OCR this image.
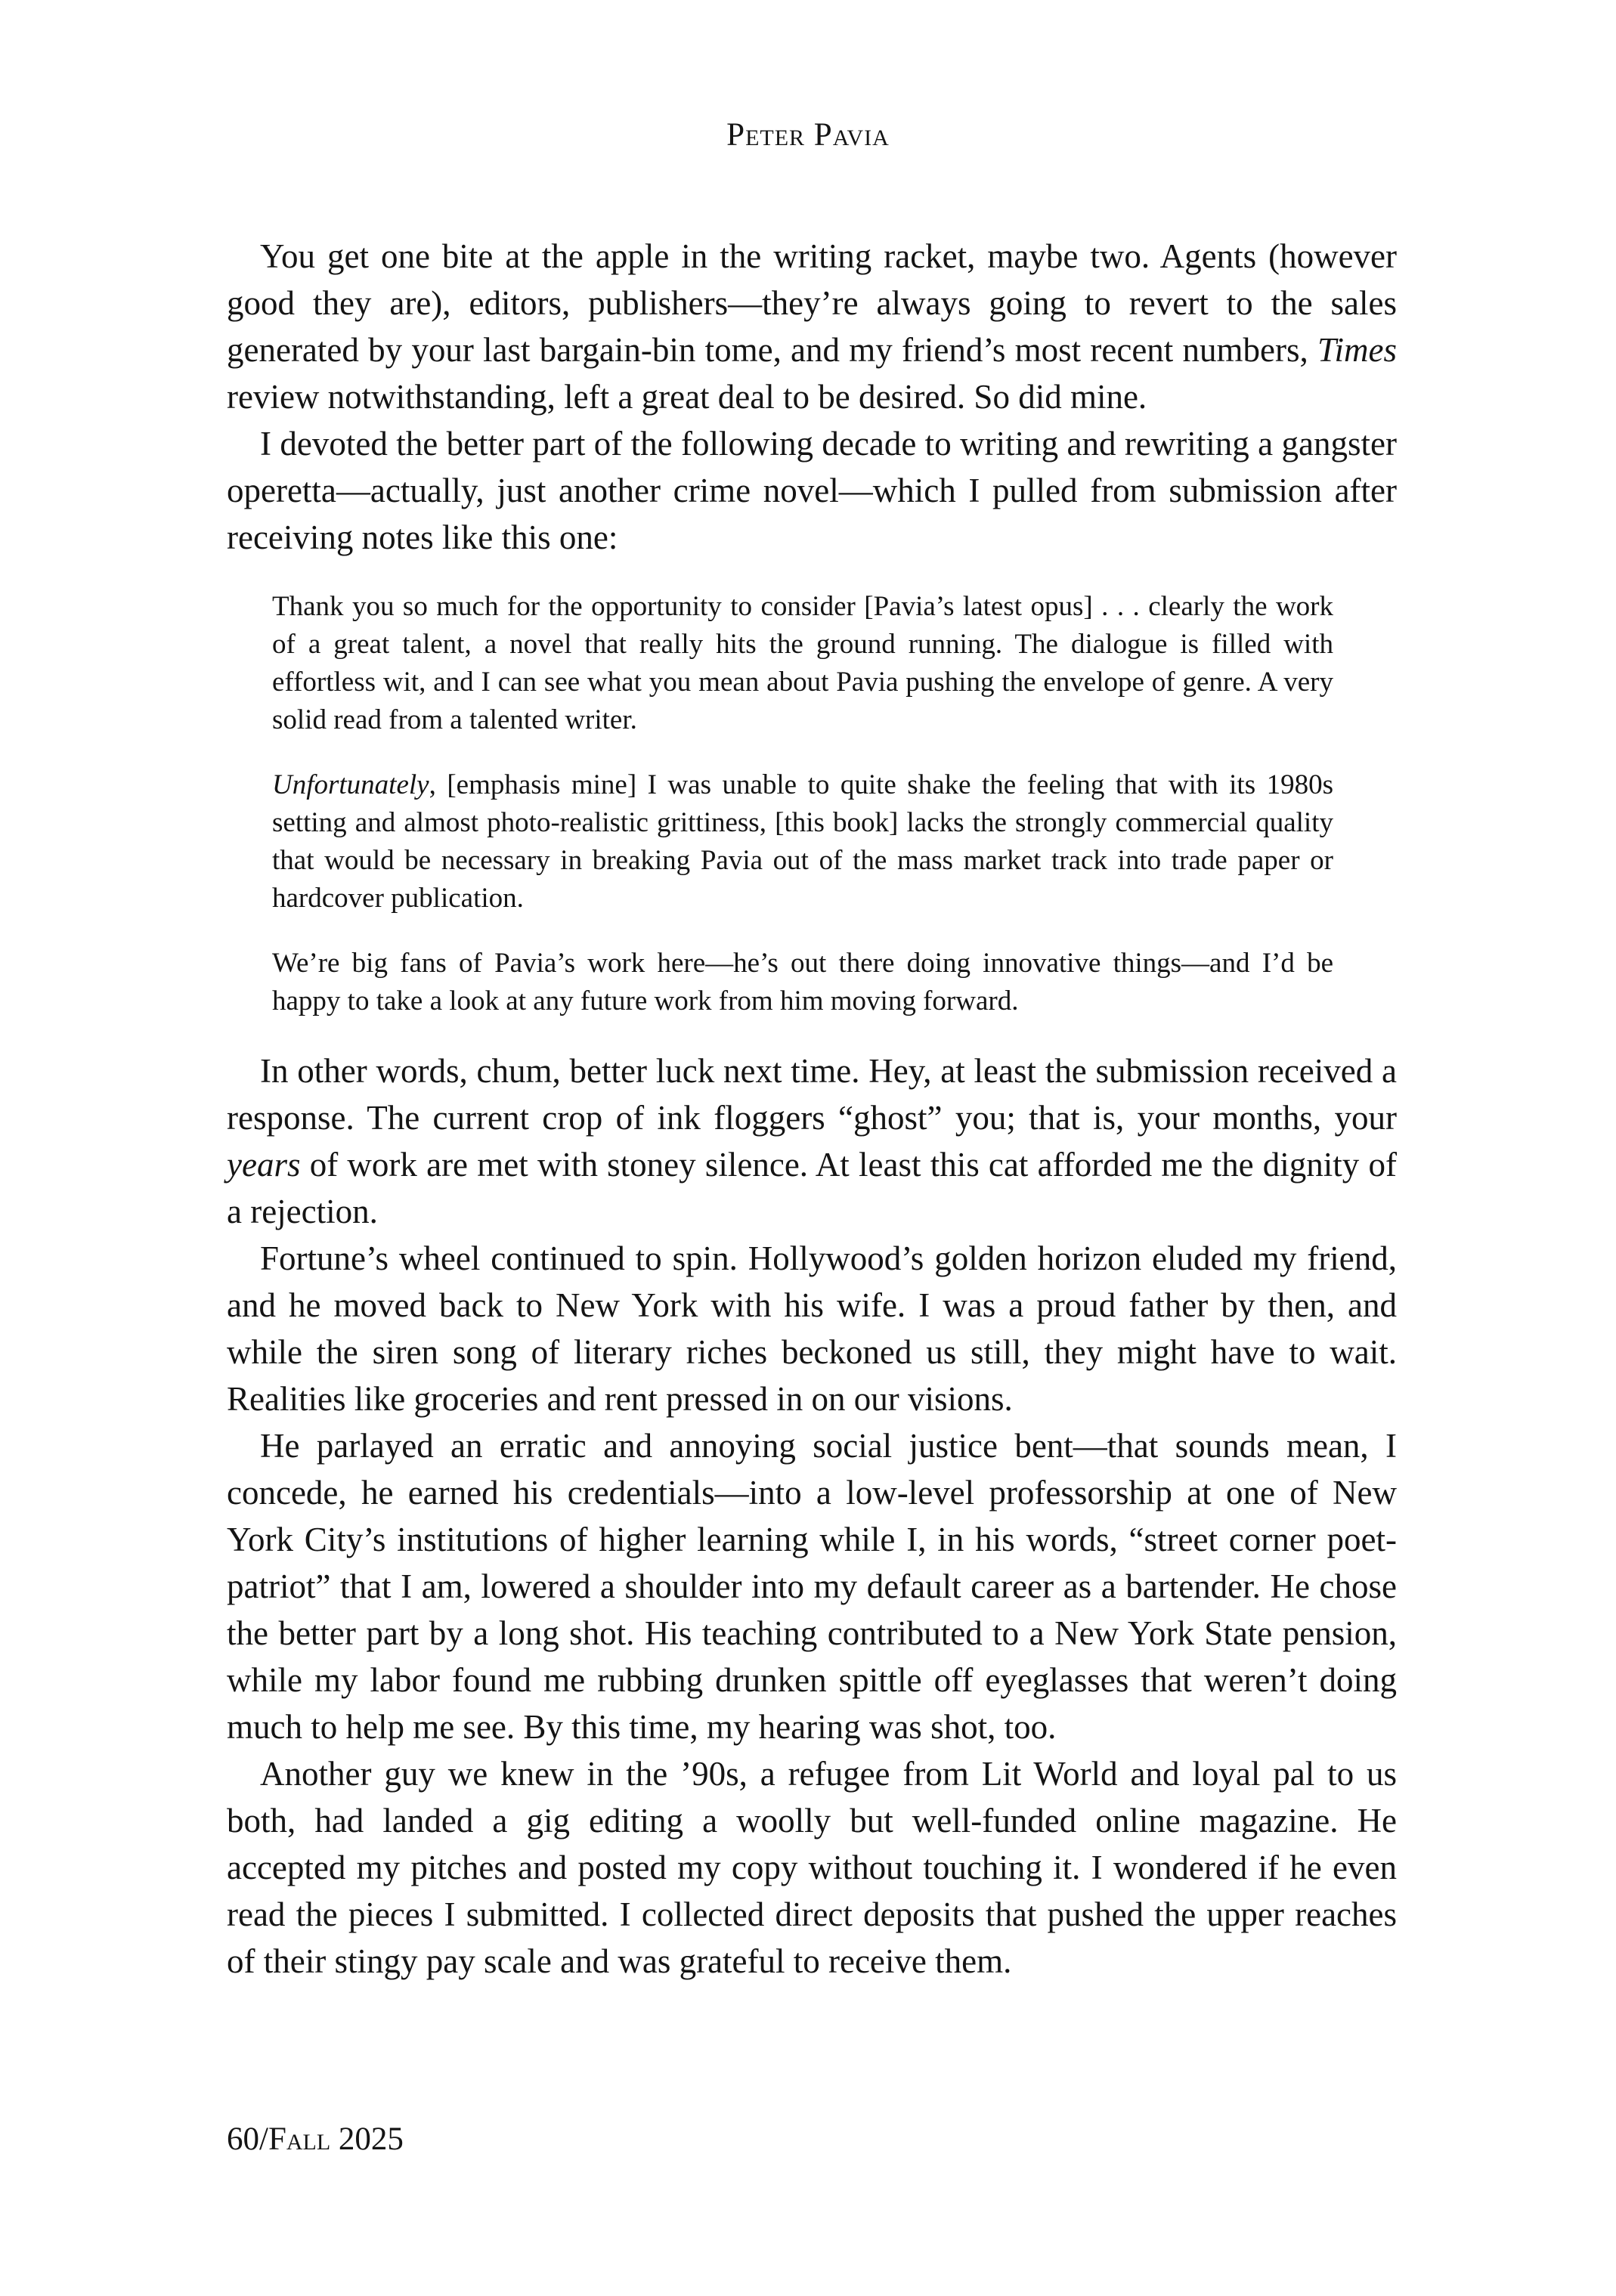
Peter Pavia

You get one bite at the apple in the writing racket, maybe two. Agents (however good they are), editors, publishers—they’re always going to revert to the sales generated by your last bargain-bin tome, and my friend’s most recent numbers, Times review notwithstanding, left a great deal to be desired. So did mine.

I devoted the better part of the following decade to writing and rewriting a gangster operetta—actually, just another crime novel—which I pulled from submission after receiving notes like this one:

Thank you so much for the opportunity to consider [Pavia’s latest opus] . . . clearly the work of a great talent, a novel that really hits the ground running. The dialogue is filled with effortless wit, and I can see what you mean about Pavia pushing the envelope of genre. A very solid read from a talented writer.
Unfortunately, [emphasis mine] I was unable to quite shake the feeling that with its 1980s setting and almost photo-realistic grittiness, [this book] lacks the strongly commercial quality that would be necessary in breaking Pavia out of the mass market track into trade paper or hardcover publication.
We’re big fans of Pavia’s work here—he’s out there doing innovative things—and I’d be happy to take a look at any future work from him moving forward.

In other words, chum, better luck next time. Hey, at least the submission received a response. The current crop of ink floggers “ghost” you; that is, your months, your years of work are met with stoney silence. At least this cat afforded me the dignity of a rejection.

Fortune’s wheel continued to spin. Hollywood’s golden horizon eluded my friend, and he moved back to New York with his wife. I was a proud father by then, and while the siren song of literary riches beckoned us still, they might have to wait. Realities like groceries and rent pressed in on our visions.

He parlayed an erratic and annoying social justice bent—that sounds mean, I concede, he earned his credentials—into a low-level professorship at one of New York City’s institutions of higher learning while I, in his words, “street corner poet-patriot” that I am, lowered a shoulder into my default career as a bartender. He chose the better part by a long shot. His teaching contributed to a New York State pension, while my labor found me rubbing drunken spittle off eyeglasses that weren’t doing much to help me see. By this time, my hearing was shot, too.

Another guy we knew in the ’90s, a refugee from Lit World and loyal pal to us both, had landed a gig editing a woolly but well-funded online magazine. He accepted my pitches and posted my copy without touching it. I wondered if he even read the pieces I submitted. I collected direct deposits that pushed the upper reaches of their stingy pay scale and was grateful to receive them.

60/Fall 2025
